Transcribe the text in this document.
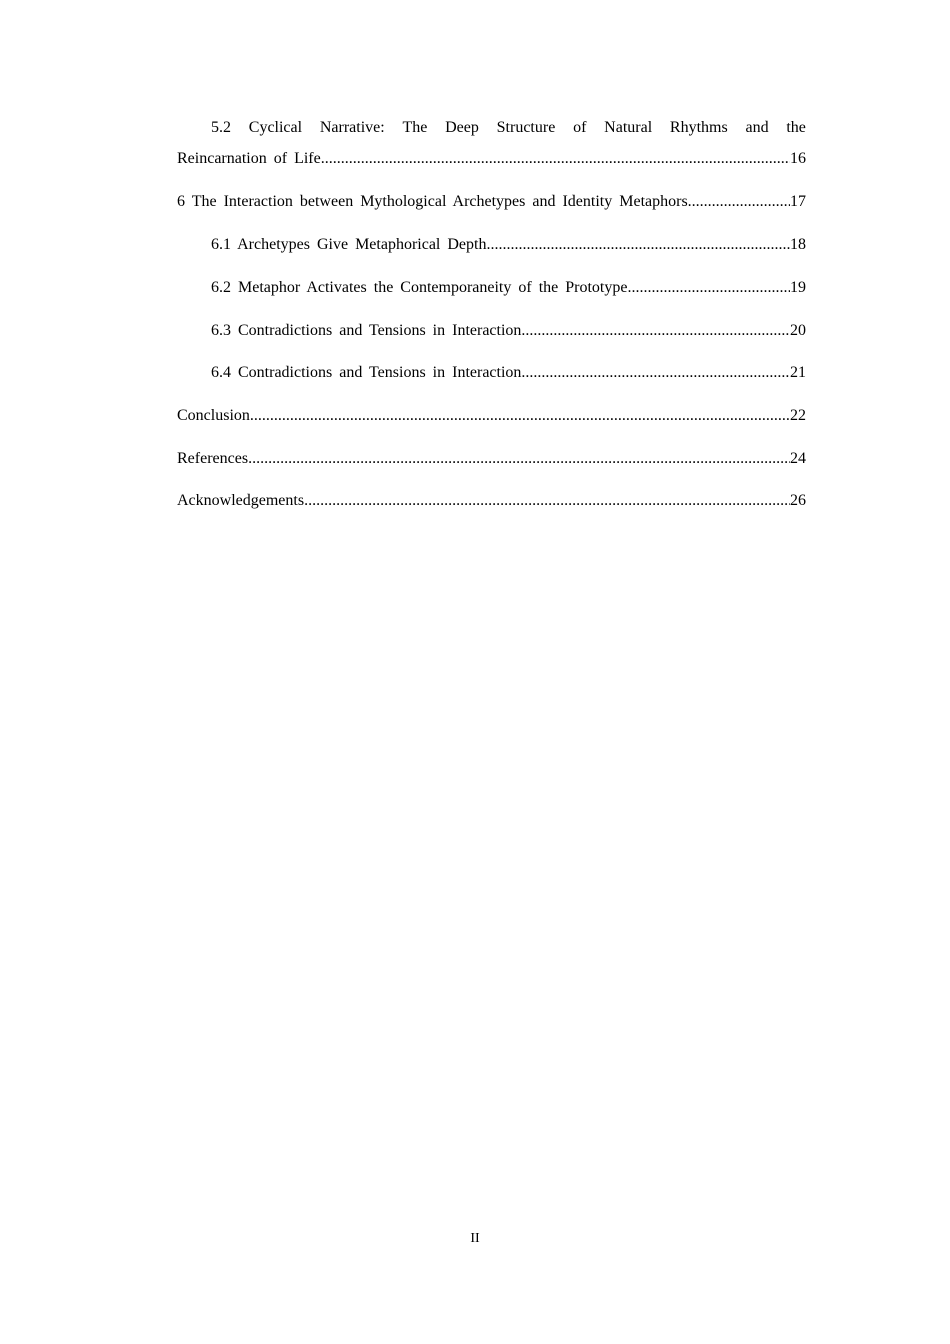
5.2 Cyclical Narrative: The Deep Structure of Natural Rhythms and the
Reincarnation of Life .....	16
6 The Interaction between Mythological Archetypes and Identity Metaphors .....	17
6.1 Archetypes Give Metaphorical Depth .....	18
6.2 Metaphor Activates the Contemporaneity of the Prototype .....	19
6.3 Contradictions and Tensions in Interaction .....	20
6.4 Contradictions and Tensions in Interaction .....	21
Conclusion .....	22
References .....	24
Acknowledgements .....	26
II
